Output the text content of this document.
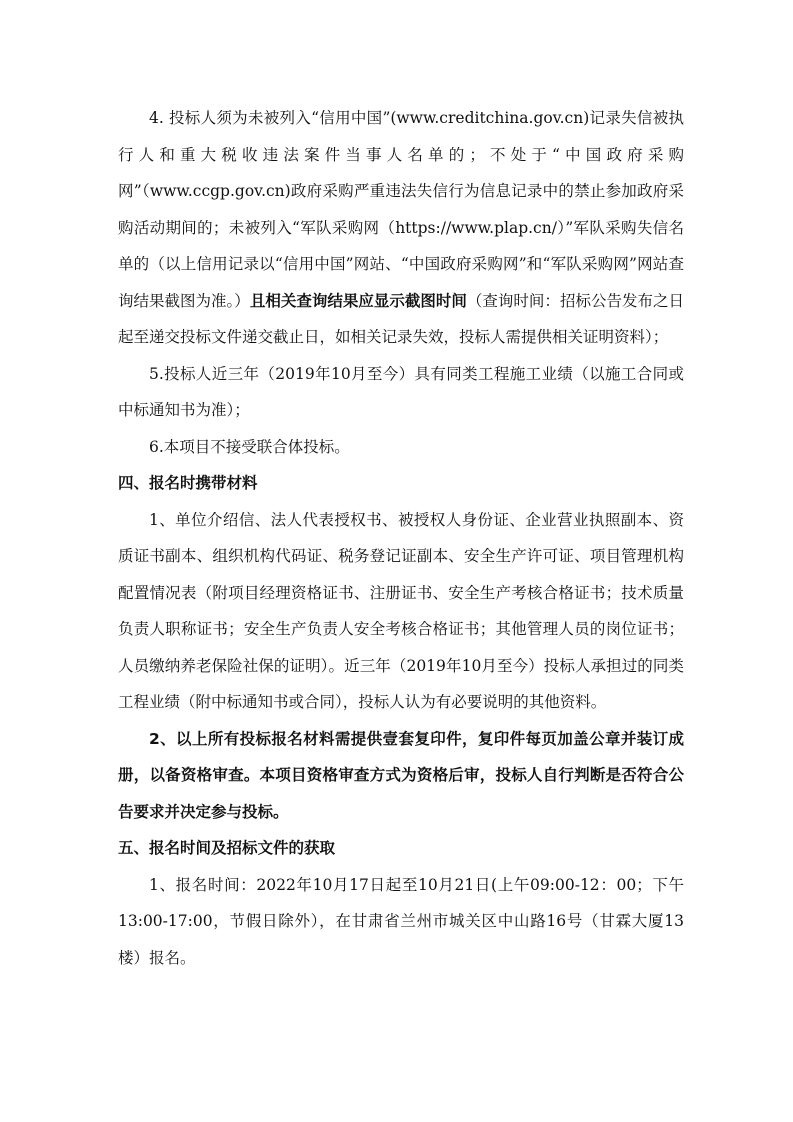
4. 投标人须为未被列入“信用中国”(www.creditchina.gov.cn)记录失信被执行人和重大税收违法案件当事人名单的；不处于“中国政府采购网”（www.ccgp.gov.cn)政府采购严重违法失信行为信息记录中的禁止参加政府采购活动期间的；未被列入“军队采购网（https://www.plap.cn/）”军队采购失信名单的（以上信用记录以“信用中国”网站、“中国政府采购网”和“军队采购网”网站查询结果截图为准。）且相关查询结果应显示截图时间（查询时间：招标公告发布之日起至递交投标文件递交截止日，如相关记录失效，投标人需提供相关证明资料）；

5.投标人近三年（2019年10月至今）具有同类工程施工业绩（以施工合同或中标通知书为准）；

6.本项目不接受联合体投标。

四、报名时携带材料

1、单位介绍信、法人代表授权书、被授权人身份证、企业营业执照副本、资质证书副本、组织机构代码证、税务登记证副本、安全生产许可证、项目管理机构配置情况表（附项目经理资格证书、注册证书、安全生产考核合格证书；技术质量负责人职称证书；安全生产负责人安全考核合格证书；其他管理人员的岗位证书；人员缴纳养老保险社保的证明）。近三年（2019年10月至今）投标人承担过的同类工程业绩（附中标通知书或合同），投标人认为有必要说明的其他资料。

2、以上所有投标报名材料需提供壹套复印件，复印件每页加盖公章并装订成册，以备资格审查。本项目资格审查方式为资格后审，投标人自行判断是否符合公告要求并决定参与投标。

五、报名时间及招标文件的获取

1、报名时间：2022年10月17日起至10月21日(上午09:00-12：00；下午13:00-17:00，节假日除外），在甘肃省兰州市城关区中山路16号（甘霖大厦13楼）报名。
